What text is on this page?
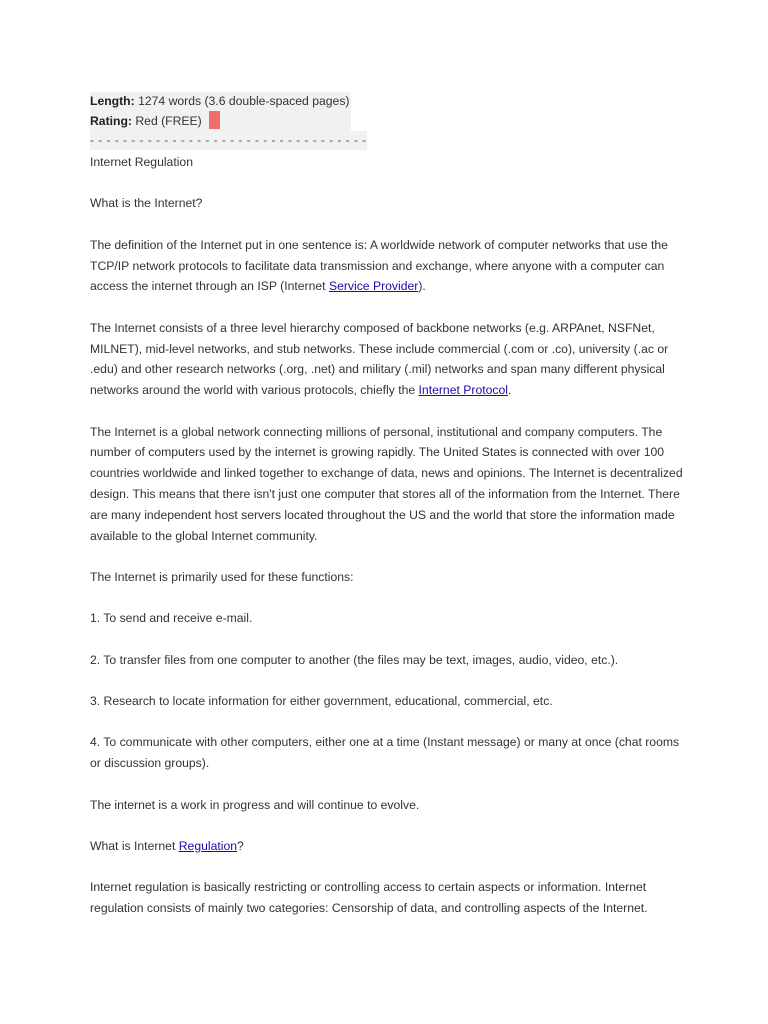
Length: 1274 words (3.6 double-spaced pages)
Rating: Red (FREE)

- - - - - - - - - - - - - - - - - - - - - - - - - - - - - - - - - -
Internet Regulation

What is the Internet?

The definition of the Internet put in one sentence is: A worldwide network of computer networks that use the TCP/IP network protocols to facilitate data transmission and exchange, where anyone with a computer can access the internet through an ISP (Internet Service Provider).

The Internet consists of a three level hierarchy composed of backbone networks (e.g. ARPAnet, NSFNet, MILNET), mid-level networks, and stub networks. These include commercial (.com or .co), university (.ac or .edu) and other research networks (.org, .net) and military (.mil) networks and span many different physical networks around the world with various protocols, chiefly the Internet Protocol.

The Internet is a global network connecting millions of personal, institutional and company computers. The number of computers used by the internet is growing rapidly. The United States is connected with over 100 countries worldwide and linked together to exchange of data, news and opinions. The Internet is decentralized design. This means that there isn't just one computer that stores all of the information from the Internet. There are many independent host servers located throughout the US and the world that store the information made available to the global Internet community.

The Internet is primarily used for these functions:

1. To send and receive e-mail.

2. To transfer files from one computer to another (the files may be text, images, audio, video, etc.).

3. Research to locate information for either government, educational, commercial, etc.

4. To communicate with other computers, either one at a time (Instant message) or many at once (chat rooms or discussion groups).

The internet is a work in progress and will continue to evolve.

What is Internet Regulation?

Internet regulation is basically restricting or controlling access to certain aspects or information. Internet regulation consists of mainly two categories: Censorship of data, and controlling aspects of the Internet.
